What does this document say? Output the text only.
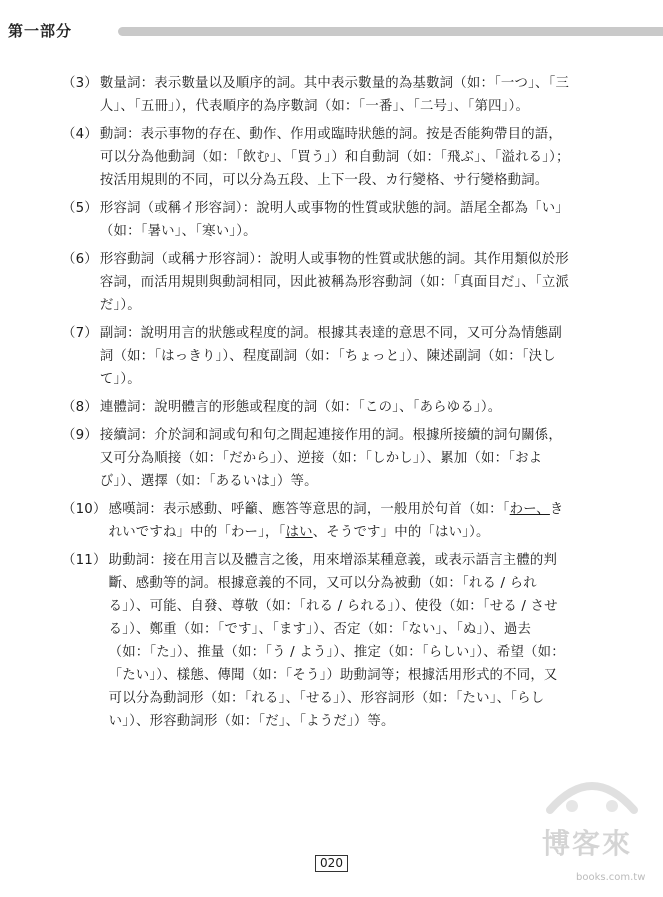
第一部分
（3） 數量詞：表示數量以及順序的詞。其中表示數量的為基數詞（如：「一つ」、「三人」、「五冊」），代表順序的為序數詞（如：「一番」、「二号」、「第四」）。
（4） 動詞：表示事物的存在、動作、作用或臨時狀態的詞。按是否能夠帶目的語，可以分為他動詞（如：「飲む」、「買う」）和自動詞（如：「飛ぶ」、「溢れる」）；按活用規則的不同，可以分為五段、上下一段、カ行變格、サ行變格動詞。
（5） 形容詞（或稱イ形容詞）：說明人或事物的性質或狀態的詞。語尾全都為「い」（如：「暑い」、「寒い」）。
（6） 形容動詞（或稱ナ形容詞）：說明人或事物的性質或狀態的詞。其作用類似於形容詞，而活用規則與動詞相同，因此被稱為形容動詞（如：「真面目だ」、「立派だ」）。
（7） 副詞：說明用言的狀態或程度的詞。根據其表達的意思不同，又可分為情態副詞（如：「はっきり」）、程度副詞（如：「ちょっと」）、陳述副詞（如：「決して」）。
（8） 連體詞：說明體言的形態或程度的詞（如：「この」、「あらゆる」）。
（9） 接續詞：介於詞和詞或句和句之間起連接作用的詞。根據所接續的詞句關係，又可分為順接（如：「だから」）、逆接（如：「しかし」）、累加（如：「および」）、選擇（如：「あるいは」）等。
（10） 感嘆詞：表示感動、呼籲、應答等意思的詞，一般用於句首（如：「わー、きれいですね」中的「わー」，「はい、そうです」中的「はい」）。
（11） 助動詞：接在用言以及體言之後，用來增添某種意義，或表示語言主體的判斷、感動等的詞。根據意義的不同，又可以分為被動（如：「れる / られる」）、可能、自發、尊敬（如：「れる / られる」）、使役（如：「せる / させる」）、鄭重（如：「です」、「ます」）、否定（如：「ない」、「ぬ」）、過去（如：「た」）、推量（如：「う / よう」）、推定（如：「らしい」）、希望（如：「たい」）、樣態、傳聞（如：「そう」）助動詞等；根據活用形式的不同，又可以分為動詞形（如：「れる」、「せる」）、形容詞形（如：「たい」、「らしい」）、形容動詞形（如：「だ」、「ようだ」）等。
020
博客來
books.com.tw
